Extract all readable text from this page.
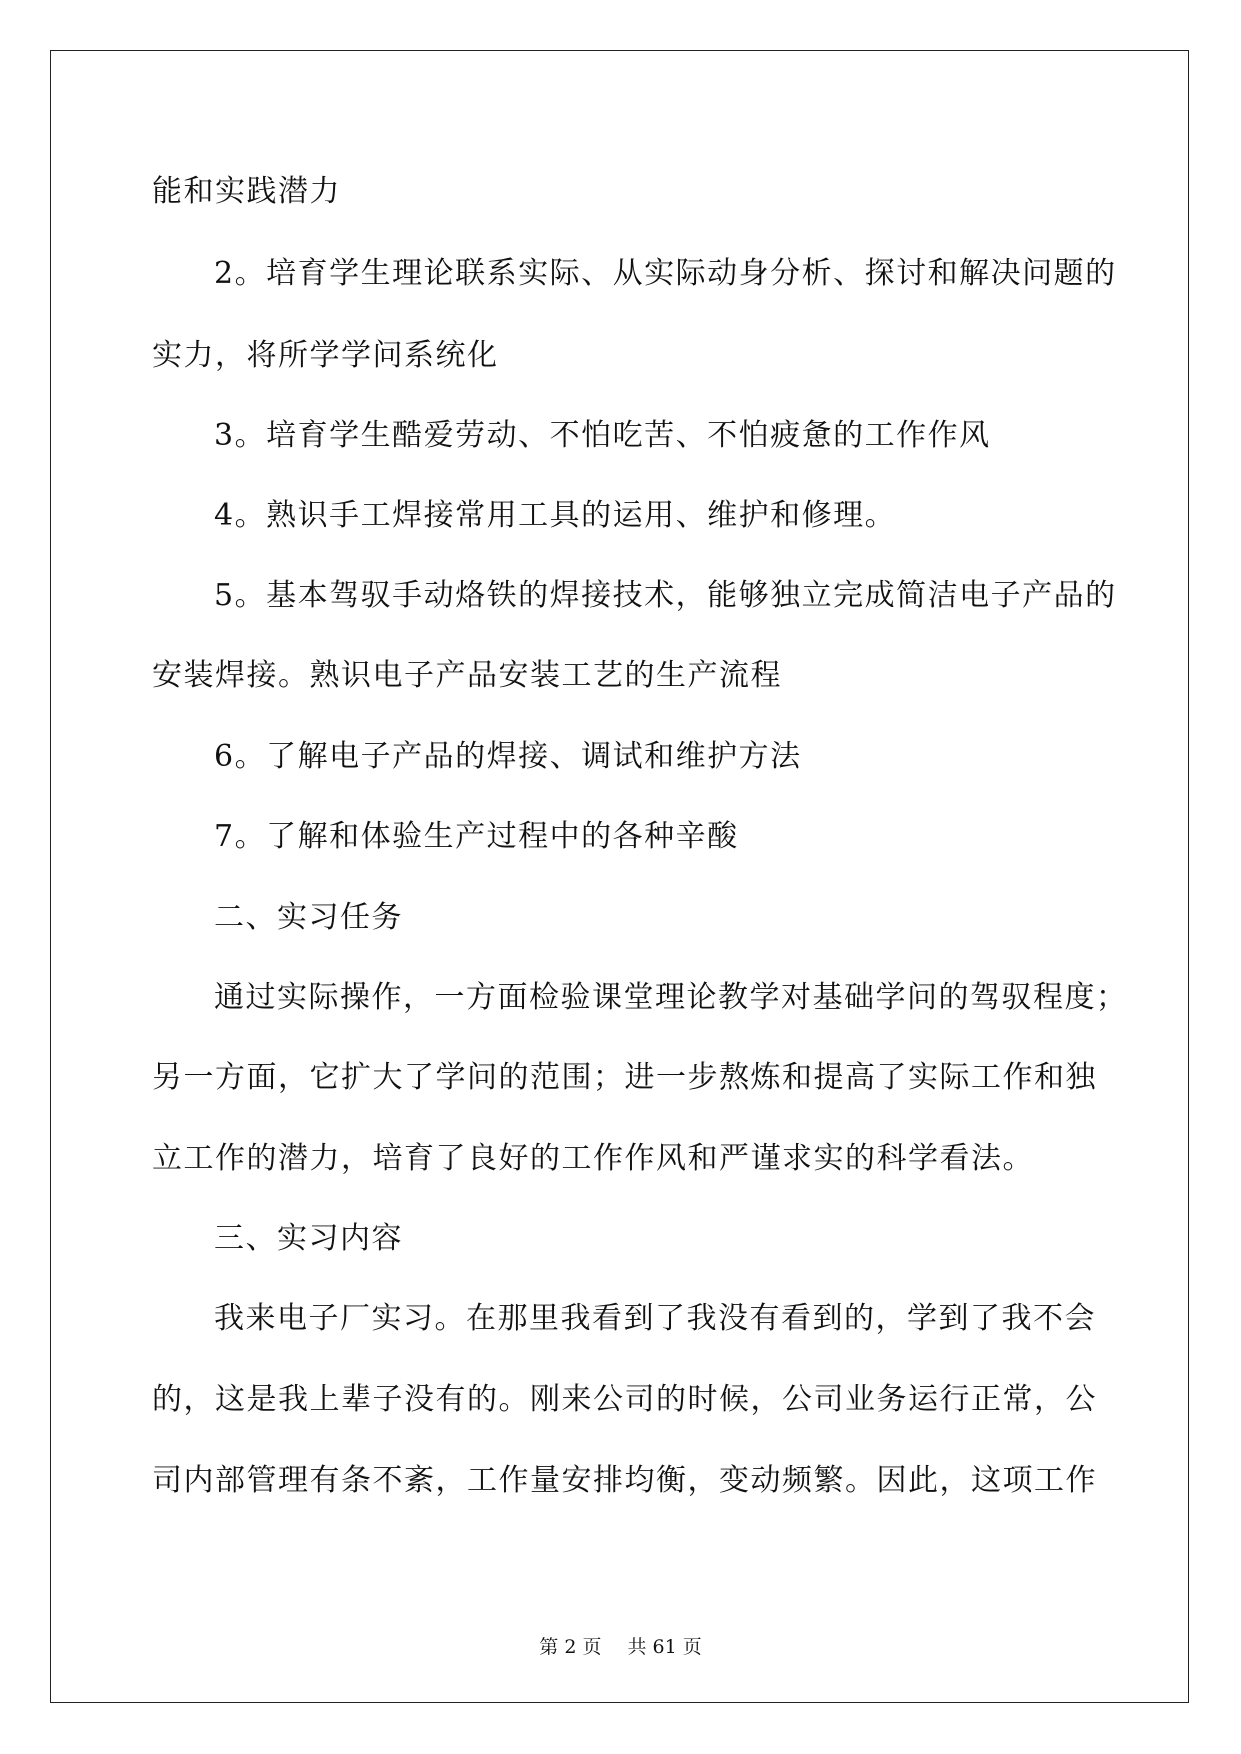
能和实践潜力
2。培育学生理论联系实际、从实际动身分析、探讨和解决问题的
实力，将所学学问系统化
3。培育学生酷爱劳动、不怕吃苦、不怕疲惫的工作作风
4。熟识手工焊接常用工具的运用、维护和修理。
5。基本驾驭手动烙铁的焊接技术，能够独立完成简洁电子产品的
安装焊接。熟识电子产品安装工艺的生产流程
6。了解电子产品的焊接、调试和维护方法
7。了解和体验生产过程中的各种辛酸
二、实习任务
通过实际操作，一方面检验课堂理论教学对基础学问的驾驭程度；
另一方面，它扩大了学问的范围；进一步熬炼和提高了实际工作和独
立工作的潜力，培育了良好的工作作风和严谨求实的科学看法。
三、实习内容
我来电子厂实习。在那里我看到了我没有看到的，学到了我不会
的，这是我上辈子没有的。刚来公司的时候，公司业务运行正常，公
司内部管理有条不紊，工作量安排均衡，变动频繁。因此，这项工作
第 2 页 共 61 页
